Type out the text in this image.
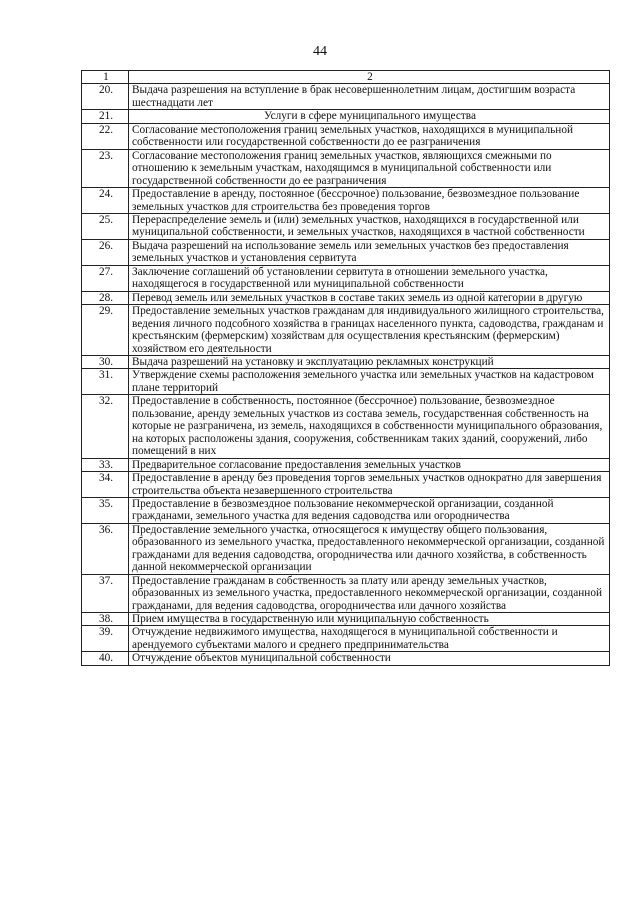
44
1	2
20.	Выдача разрешения на вступление в брак несовершеннолетним лицам, достигшим возраста шестнадцати лет
21.	Услуги в сфере муниципального имущества
22.	Согласование местоположения границ земельных участков, находящихся в муниципальной собственности или государственной собственности до ее разграничения
23.	Согласование местоположения границ земельных участков, являющихся смежными по отношению к земельным участкам, находящимся в муниципальной собственности или государственной собственности до ее разграничения
24.	Предоставление в аренду, постоянное (бессрочное) пользование, безвозмездное пользование земельных участков для строительства без проведения торгов
25.	Перераспределение земель и (или) земельных участков, находящихся в государственной или муниципальной собственности, и земельных участков, находящихся в частной собственности
26.	Выдача разрешений на использование земель или земельных участков без предоставления земельных участков и установления сервитута
27.	Заключение соглашений об установлении сервитута в отношении земельного участка, находящегося в государственной или муниципальной собственности
28.	Перевод земель или земельных участков в составе таких земель из одной категории в другую
29.	Предоставление земельных участков гражданам для индивидуального жилищного строительства, ведения личного подсобного хозяйства в границах населенного пункта, садоводства, гражданам и крестьянским (фермерским) хозяйствам для осуществления крестьянским (фермерским) хозяйством его деятельности
30.	Выдача разрешений на установку и эксплуатацию рекламных конструкций
31.	Утверждение схемы расположения земельного участка или земельных участков на кадастровом плане территорий
32.	Предоставление в собственность, постоянное (бессрочное) пользование, безвозмездное пользование, аренду земельных участков из состава земель, государственная собственность на которые не разграничена, из земель, находящихся в собственности муниципального образования, на которых расположены здания, сооружения, собственникам таких зданий, сооружений, либо помещений в них
33.	Предварительное согласование предоставления земельных участков
34.	Предоставление в аренду без проведения торгов земельных участков однократно для завершения строительства объекта незавершенного строительства
35.	Предоставление в безвозмездное пользование некоммерческой организации, созданной гражданами, земельного участка для ведения садоводства или огородничества
36.	Предоставление земельного участка, относящегося к имуществу общего пользования, образованного из земельного участка, предоставленного некоммерческой организации, созданной гражданами для ведения садоводства, огородничества или дачного хозяйства, в собственность данной некоммерческой организации
37.	Предоставление гражданам в собственность за плату или аренду земельных участков, образованных из земельного участка, предоставленного некоммерческой организации, созданной гражданами, для ведения садоводства, огородничества или дачного хозяйства
38.	Прием имущества в государственную или муниципальную собственность
39.	Отчуждение недвижимого имущества, находящегося в муниципальной собственности и арендуемого субъектами малого и среднего предпринимательства
40.	Отчуждение объектов муниципальной собственности
